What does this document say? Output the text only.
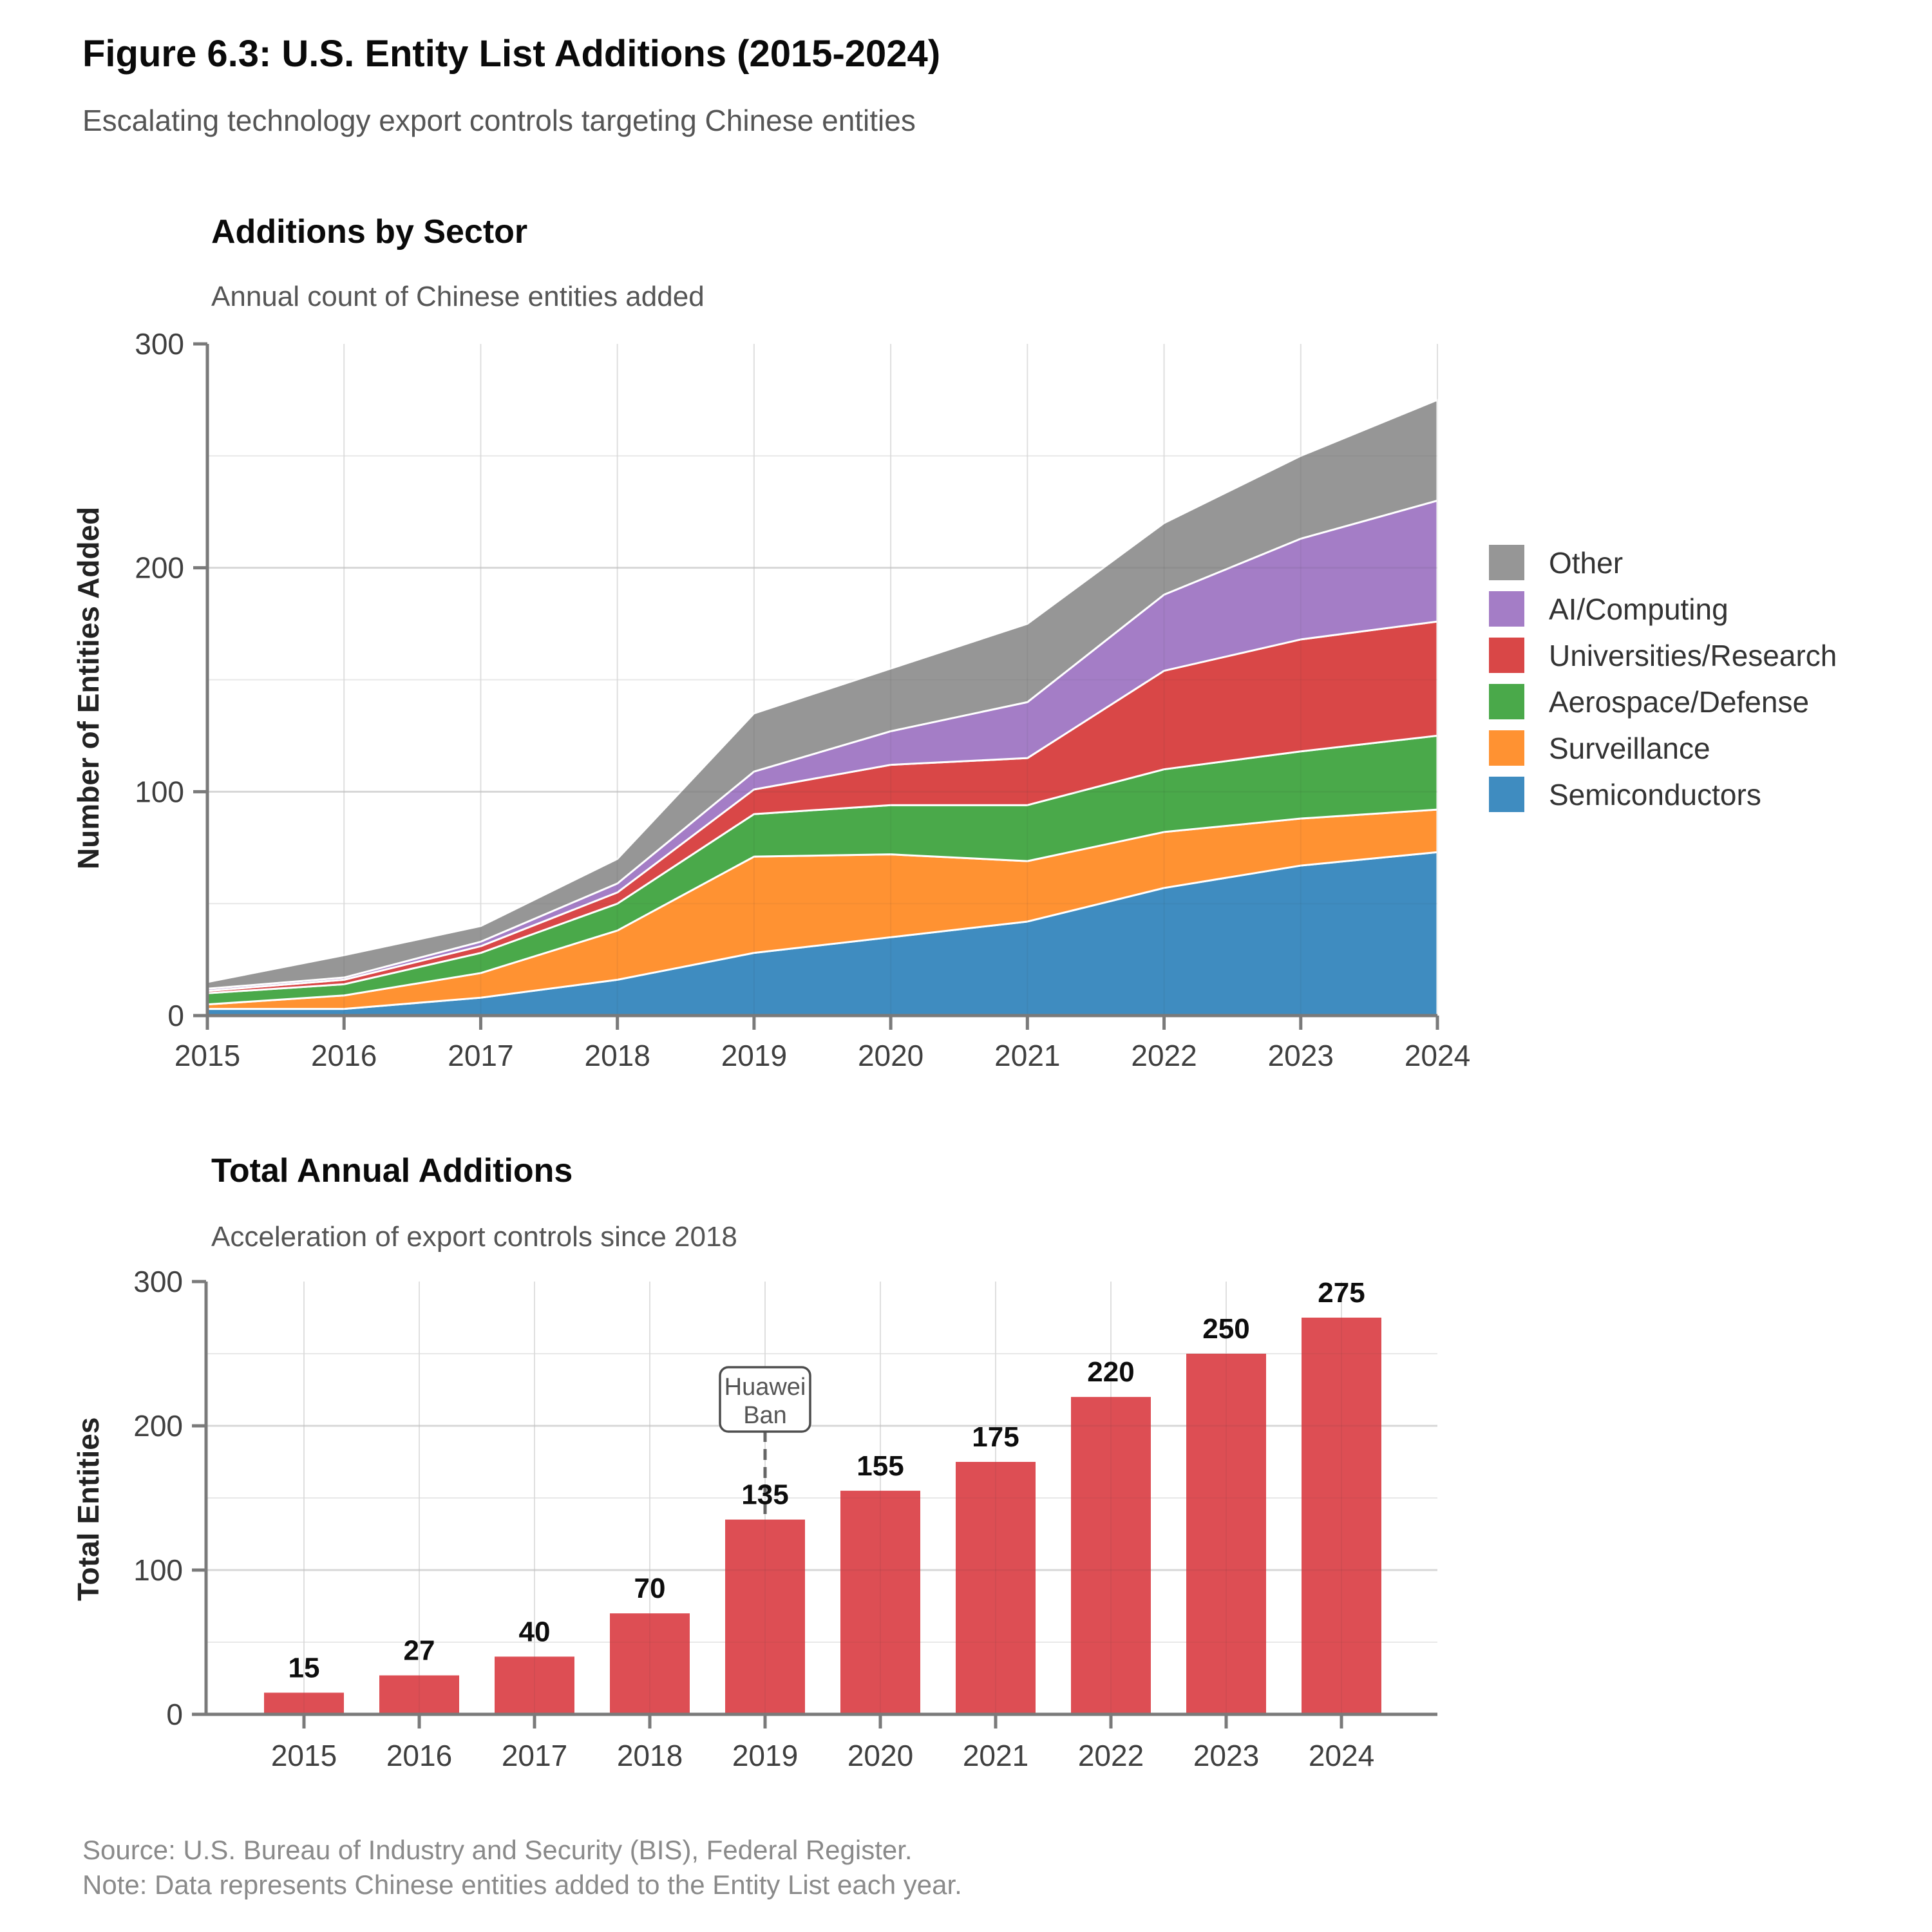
Figure 6.3: U.S. Entity List Additions (2015-2024)
Escalating technology export controls targeting Chinese entities
Additions by Sector
Annual count of Chinese entities added
Number of Entities Added
0
100
200
300
2015 2016 2017 2018 2019 2020 2021 2022 2023 2024
Other
AI/Computing
Universities/Research
Aerospace/Defense
Surveillance
Semiconductors
Total Annual Additions
Acceleration of export controls since 2018
Total Entities
Huawei
Ban
15
27
40
70
135
155
175
220
250
275
0
100
200
300
2015 2016 2017 2018 2019 2020 2021 2022 2023 2024
Source: U.S. Bureau of Industry and Security (BIS), Federal Register.
Note: Data represents Chinese entities added to the Entity List each year.
